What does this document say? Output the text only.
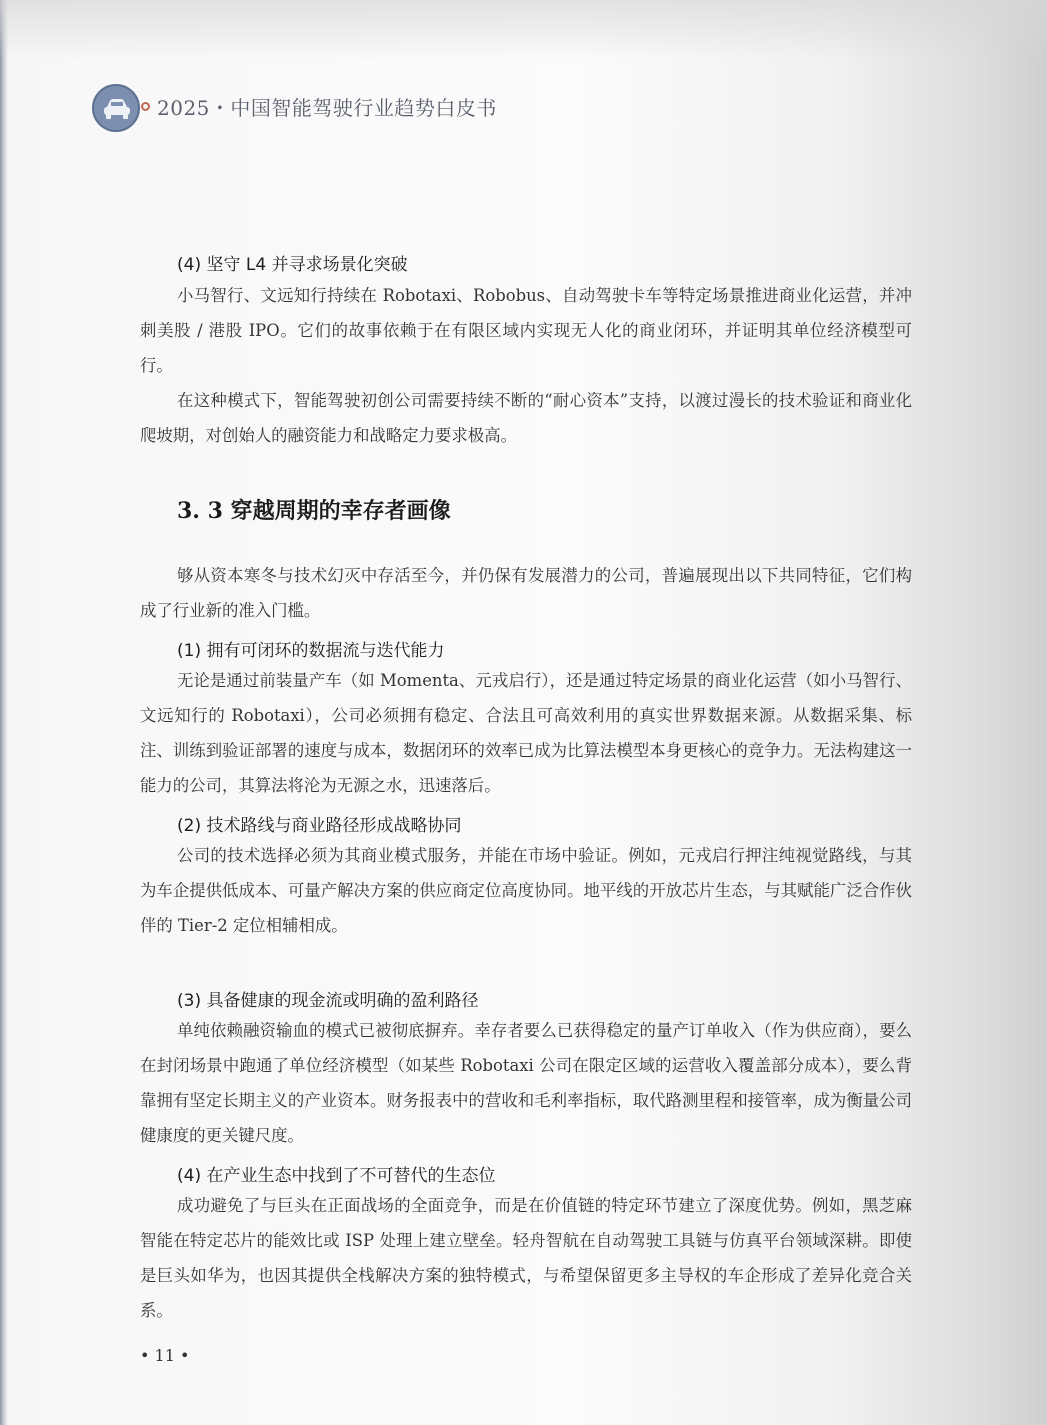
2025・中国智能驾驶行业趋势白皮书
(4) 坚守 L4 并寻求场景化突破

小马智行、文远知行持续在 Robotaxi、Robobus、自动驾驶卡车等特定场景推进商业化运营，并冲刺美股 / 港股 IPO。它们的故事依赖于在有限区域内实现无人化的商业闭环，并证明其单位经济模型可行。

在这种模式下，智能驾驶初创公司需要持续不断的“耐心资本”支持，以渡过漫长的技术验证和商业化爬坡期，对创始人的融资能力和战略定力要求极高。

3. 3 穿越周期的幸存者画像

够从资本寒冬与技术幻灭中存活至今，并仍保有发展潜力的公司，普遍展现出以下共同特征，它们构成了行业新的准入门槛。

(1) 拥有可闭环的数据流与迭代能力

无论是通过前装量产车（如 Momenta、元戎启行），还是通过特定场景的商业化运营（如小马智行、文远知行的 Robotaxi），公司必须拥有稳定、合法且可高效利用的真实世界数据来源。从数据采集、标注、训练到验证部署的速度与成本，数据闭环的效率已成为比算法模型本身更核心的竞争力。无法构建这一能力的公司，其算法将沦为无源之水，迅速落后。

(2) 技术路线与商业路径形成战略协同

公司的技术选择必须为其商业模式服务，并能在市场中验证。例如，元戎启行押注纯视觉路线，与其为车企提供低成本、可量产解决方案的供应商定位高度协同。地平线的开放芯片生态，与其赋能广泛合作伙伴的 Tier-2 定位相辅相成。

(3) 具备健康的现金流或明确的盈利路径

单纯依赖融资输血的模式已被彻底摒弃。幸存者要么已获得稳定的量产订单收入（作为供应商），要么在封闭场景中跑通了单位经济模型（如某些 Robotaxi 公司在限定区域的运营收入覆盖部分成本），要么背靠拥有坚定长期主义的产业资本。财务报表中的营收和毛利率指标，取代路测里程和接管率，成为衡量公司健康度的更关键尺度。

(4) 在产业生态中找到了不可替代的生态位

成功避免了与巨头在正面战场的全面竞争，而是在价值链的特定环节建立了深度优势。例如，黑芝麻智能在特定芯片的能效比或 ISP 处理上建立壁垒。轻舟智航在自动驾驶工具链与仿真平台领域深耕。即使是巨头如华为，也因其提供全栈解决方案的独特模式，与希望保留更多主导权的车企形成了差异化竞合关系。

• 11 •
